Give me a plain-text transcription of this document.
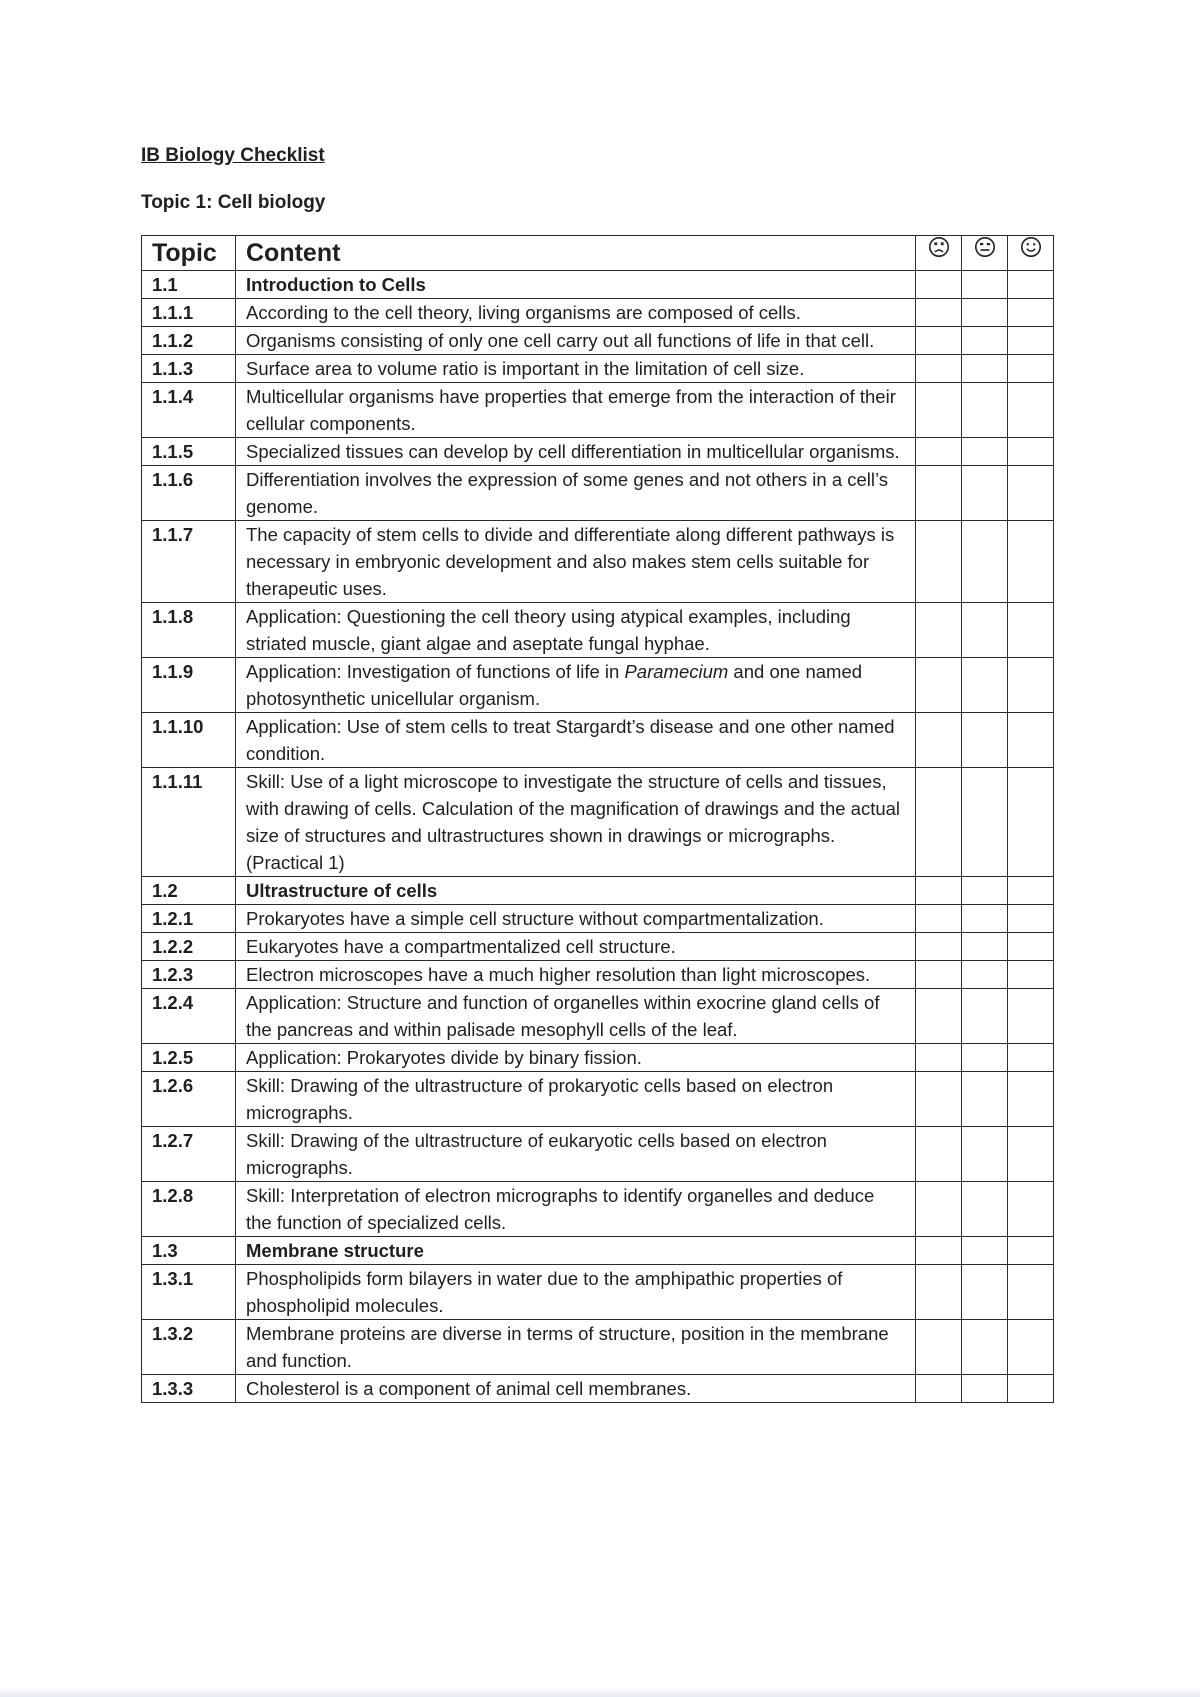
IB Biology Checklist
Topic 1: Cell biology
Topic	Content	

1.1	Introduction to Cells			
1.1.1	According to the cell theory, living organisms are composed of cells.			
1.1.2	Organisms consisting of only one cell carry out all functions of life in that cell.			
1.1.3	Surface area to volume ratio is important in the limitation of cell size.			
1.1.4	Multicellular organisms have properties that emerge from the interaction of their cellular components.			
1.1.5	Specialized tissues can develop by cell differentiation in multicellular organisms.			
1.1.6	Differentiation involves the expression of some genes and not others in a cell’s genome.			
1.1.7	The capacity of stem cells to divide and differentiate along different pathways is necessary in embryonic development and also makes stem cells suitable for therapeutic uses.			
1.1.8	Application: Questioning the cell theory using atypical examples, including striated muscle, giant algae and aseptate fungal hyphae.			
1.1.9	Application: Investigation of functions of life in Paramecium and one named photosynthetic unicellular organism.			
1.1.10	Application: Use of stem cells to treat Stargardt’s disease and one other named condition.			
1.1.11	Skill: Use of a light microscope to investigate the structure of cells and tissues, with drawing of cells. Calculation of the magnification of drawings and the actual size of structures and ultrastructures shown in drawings or micrographs. (Practical 1)			
1.2	Ultrastructure of cells			
1.2.1	Prokaryotes have a simple cell structure without compartmentalization.			
1.2.2	Eukaryotes have a compartmentalized cell structure.			
1.2.3	Electron microscopes have a much higher resolution than light microscopes.			
1.2.4	Application: Structure and function of organelles within exocrine gland cells of the pancreas and within palisade mesophyll cells of the leaf.			
1.2.5	Application: Prokaryotes divide by binary fission.			
1.2.6	Skill: Drawing of the ultrastructure of prokaryotic cells based on electron micrographs.			
1.2.7	Skill: Drawing of the ultrastructure of eukaryotic cells based on electron micrographs.			
1.2.8	Skill: Interpretation of electron micrographs to identify organelles and deduce the function of specialized cells.			
1.3	Membrane structure			
1.3.1	Phospholipids form bilayers in water due to the amphipathic properties of phospholipid molecules.			
1.3.2	Membrane proteins are diverse in terms of structure, position in the membrane and function.			
1.3.3	Cholesterol is a component of animal cell membranes.			
